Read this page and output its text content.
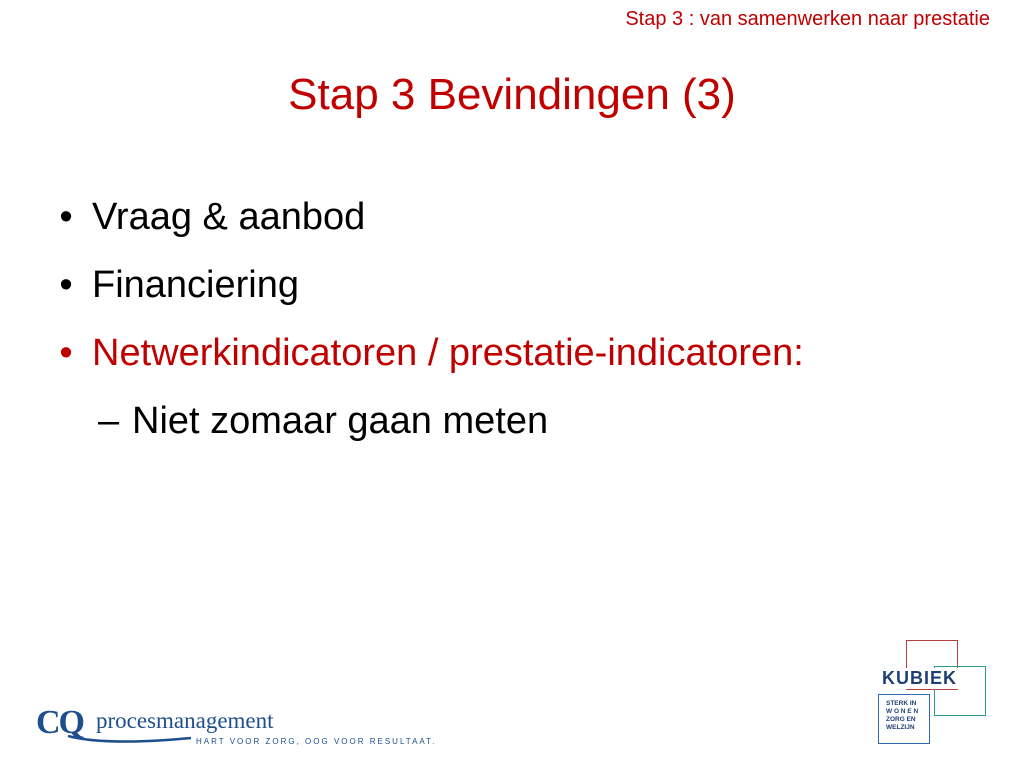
Stap 3 : van samenwerken naar prestatie
Stap 3 Bevindingen (3)
• Vraag & aanbod
• Financiering
• Netwerkindicatoren / prestatie-indicatoren:
– Niet zomaar gaan meten
CQ procesmanagement
HART VOOR ZORG, OOG VOOR RESULTAAT.
KUBIEK
STERK IN
W O N E N
ZORG EN
WELZIJN
